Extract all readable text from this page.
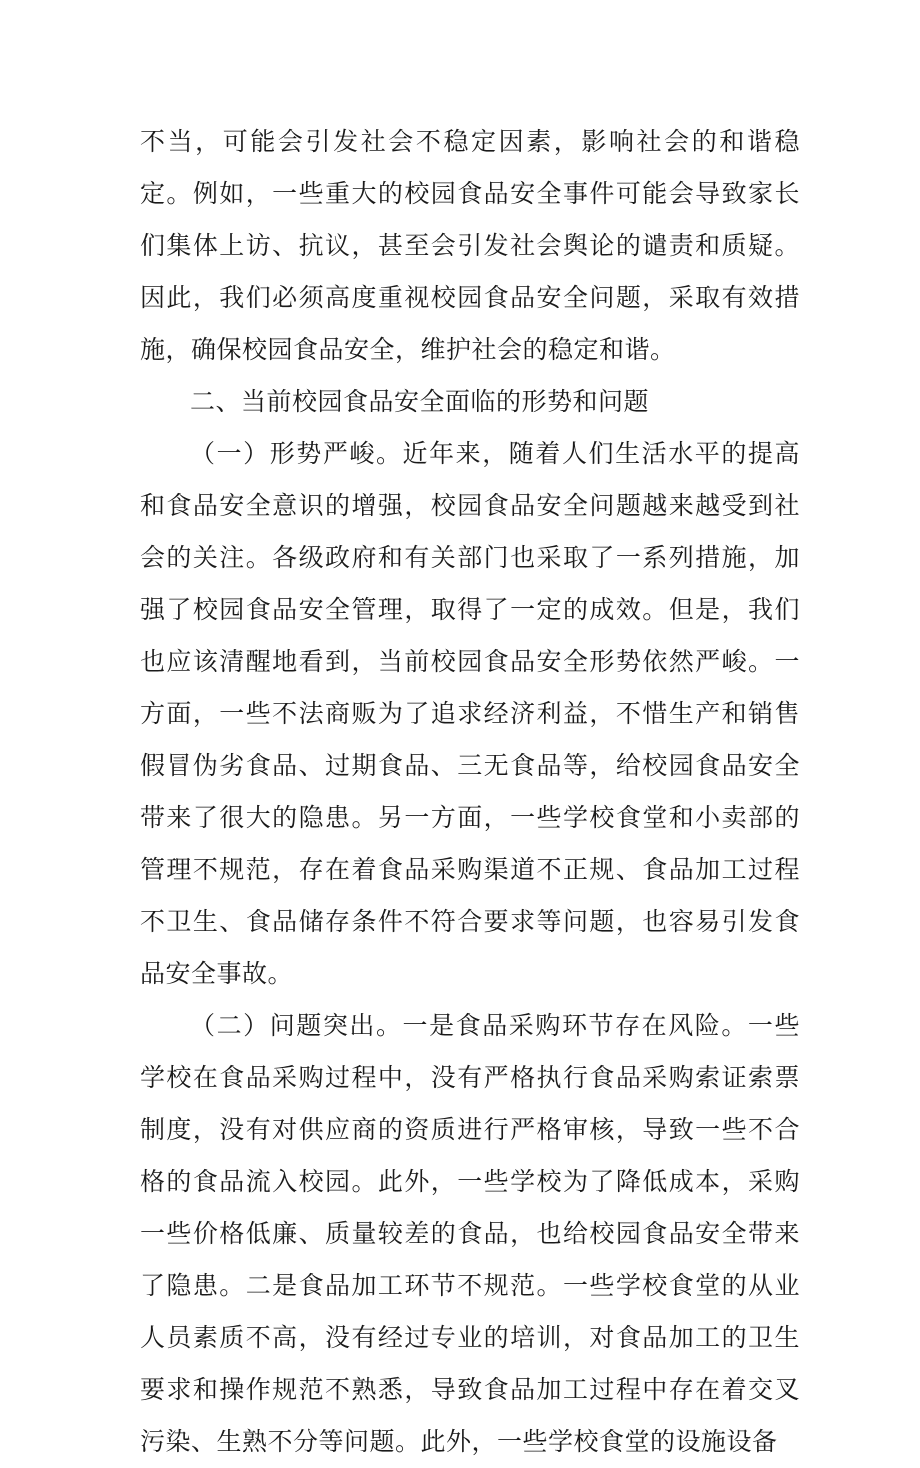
不当，可能会引发社会不稳定因素，影响社会的和谐稳定。例如，一些重大的校园食品安全事件可能会导致家长们集体上访、抗议，甚至会引发社会舆论的谴责和质疑。因此，我们必须高度重视校园食品安全问题，采取有效措施，确保校园食品安全，维护社会的稳定和谐。

二、当前校园食品安全面临的形势和问题

（一）形势严峻。近年来，随着人们生活水平的提高和食品安全意识的增强，校园食品安全问题越来越受到社会的关注。各级政府和有关部门也采取了一系列措施，加强了校园食品安全管理，取得了一定的成效。但是，我们也应该清醒地看到，当前校园食品安全形势依然严峻。一方面，一些不法商贩为了追求经济利益，不惜生产和销售假冒伪劣食品、过期食品、三无食品等，给校园食品安全带来了很大的隐患。另一方面，一些学校食堂和小卖部的管理不规范，存在着食品采购渠道不正规、食品加工过程不卫生、食品储存条件不符合要求等问题，也容易引发食品安全事故。

（二）问题突出。一是食品采购环节存在风险。一些学校在食品采购过程中，没有严格执行食品采购索证索票制度，没有对供应商的资质进行严格审核，导致一些不合格的食品流入校园。此外，一些学校为了降低成本，采购一些价格低廉、质量较差的食品，也给校园食品安全带来了隐患。二是食品加工环节不规范。一些学校食堂的从业人员素质不高，没有经过专业的培训，对食品加工的卫生要求和操作规范不熟悉，导致食品加工过程中存在着交叉污染、生熟不分等问题。此外，一些学校食堂的设施设备
